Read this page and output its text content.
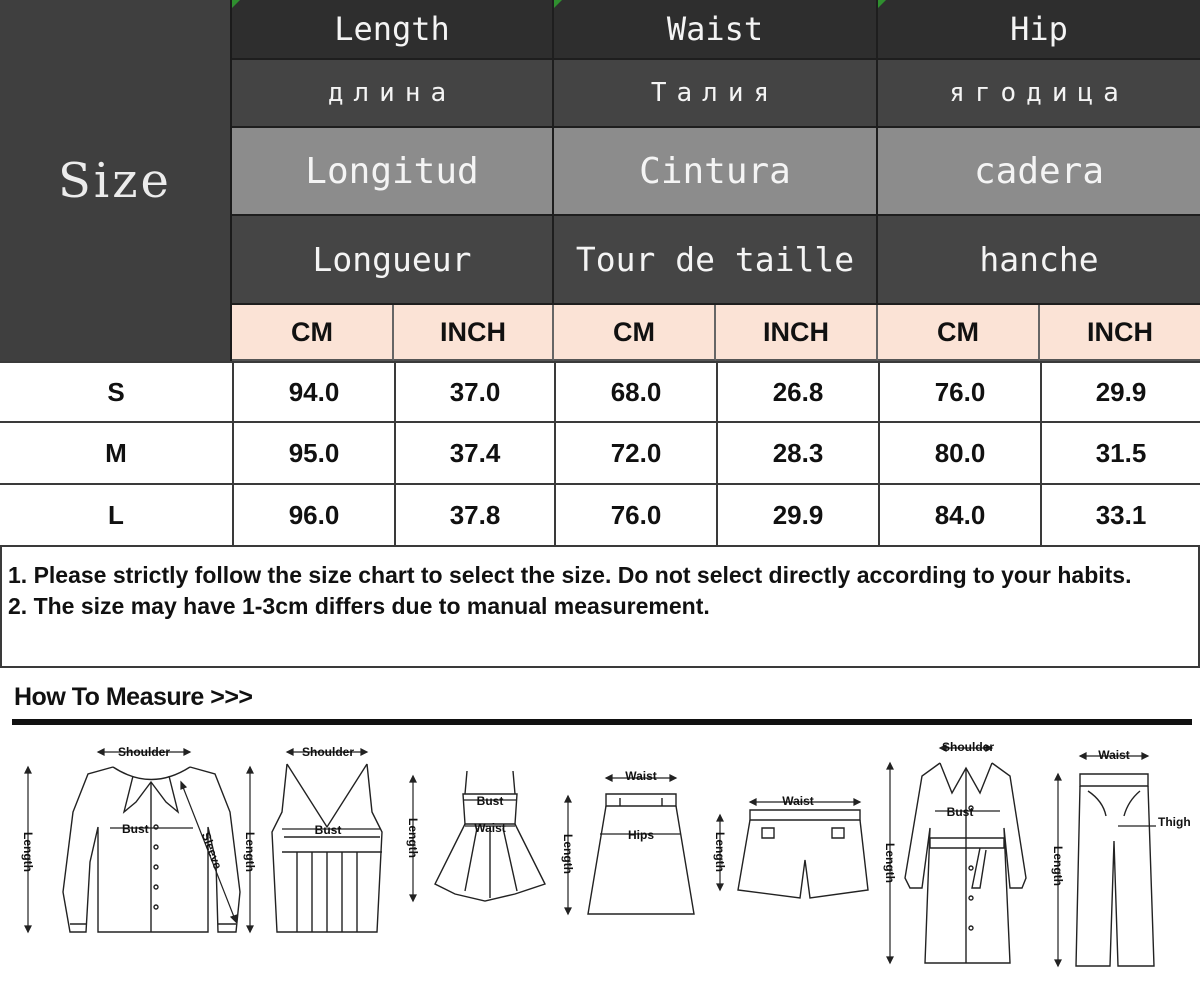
Size
Length	Waist	Hip
длина	Талия	ягодица
Longitud	Cintura	cadera
Longueur	Tour de taille	hanche
CM	INCH	CM	INCH	CM	INCH
S	94.0	37.0	68.0	26.8	76.0	29.9
M	95.0	37.4	72.0	28.3	80.0	31.5
L	96.0	37.8	76.0	29.9	84.0	33.1
1. Please strictly follow the size chart to select the size. Do not select directly according to your habits.
2. The size may have 1-3cm differs due to manual measurement.
How To Measure >>>
Shoulder
Bust
Length	Sleeve
Shoulder
Bust
Length
Bust
Waist
Length
Waist
Hips
Length
Waist
Length
Shoulder
Bust
Length
Waist
Thigh
Length
